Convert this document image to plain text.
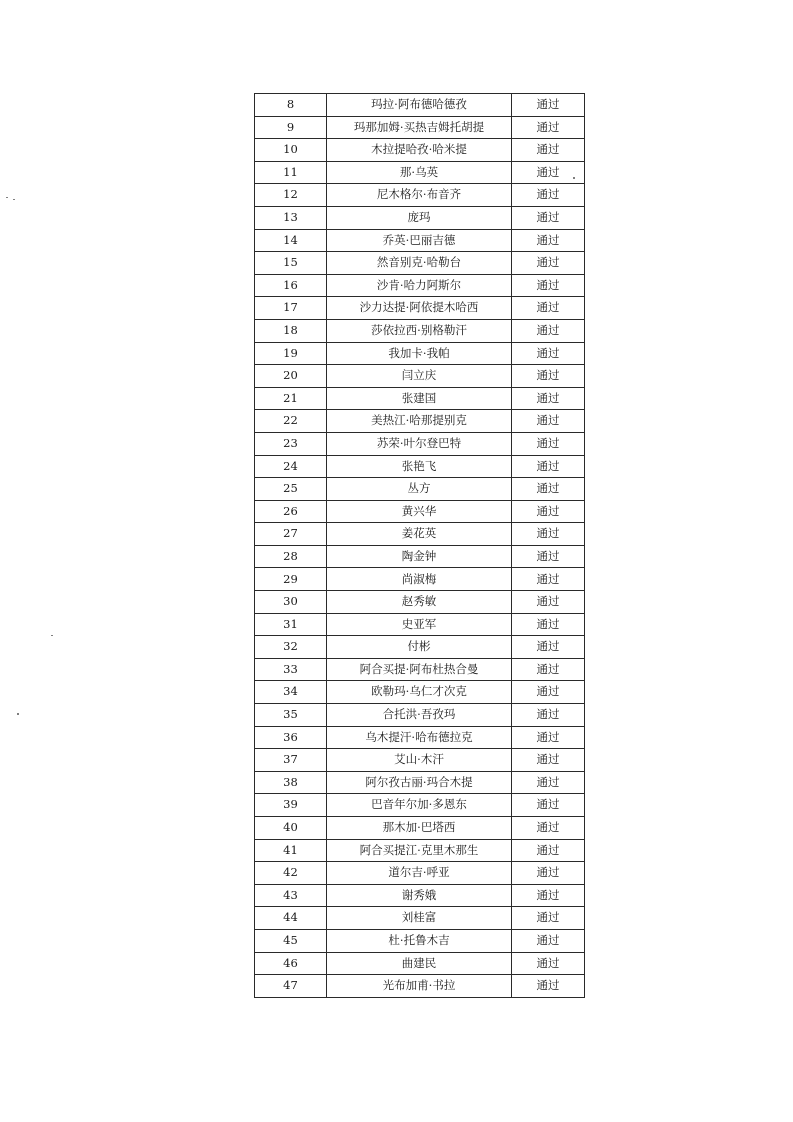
8	玛拉·阿布德哈德孜	通过
9	玛那加姆·买热吉姆托胡提	通过
10	木拉提哈孜·哈米提	通过
11	那·乌英	通过
12	尼木格尔·布音齐	通过
13	庞玛	通过
14	乔英·巴丽吉德	通过
15	然音别克·哈勒台	通过
16	沙肯·哈力阿斯尔	通过
17	沙力达提·阿依提木哈西	通过
18	莎依拉西·别格勒汗	通过
19	我加卡·我帕	通过
20	闫立庆	通过
21	张建国	通过
22	美热江·哈那提别克	通过
23	苏荣·叶尔登巴特	通过
24	张艳飞	通过
25	丛方	通过
26	黄兴华	通过
27	姜花英	通过
28	陶金钟	通过
29	尚淑梅	通过
30	赵秀敏	通过
31	史亚军	通过
32	付彬	通过
33	阿合买提·阿布杜热合曼	通过
34	欧勒玛·乌仁才次克	通过
35	合托洪·吾孜玛	通过
36	乌木提汗·哈布德拉克	通过
37	艾山·木汗	通过
38	阿尔孜古丽·玛合木提	通过
39	巴音年尔加·多恩东	通过
40	那木加·巴塔西	通过
41	阿合买提江·克里木那生	通过
42	道尔吉·呼亚	通过
43	谢秀娥	通过
44	刘桂富	通过
45	杜·托鲁木吉	通过
46	曲建民	通过
47	光布加甫·书拉	通过
